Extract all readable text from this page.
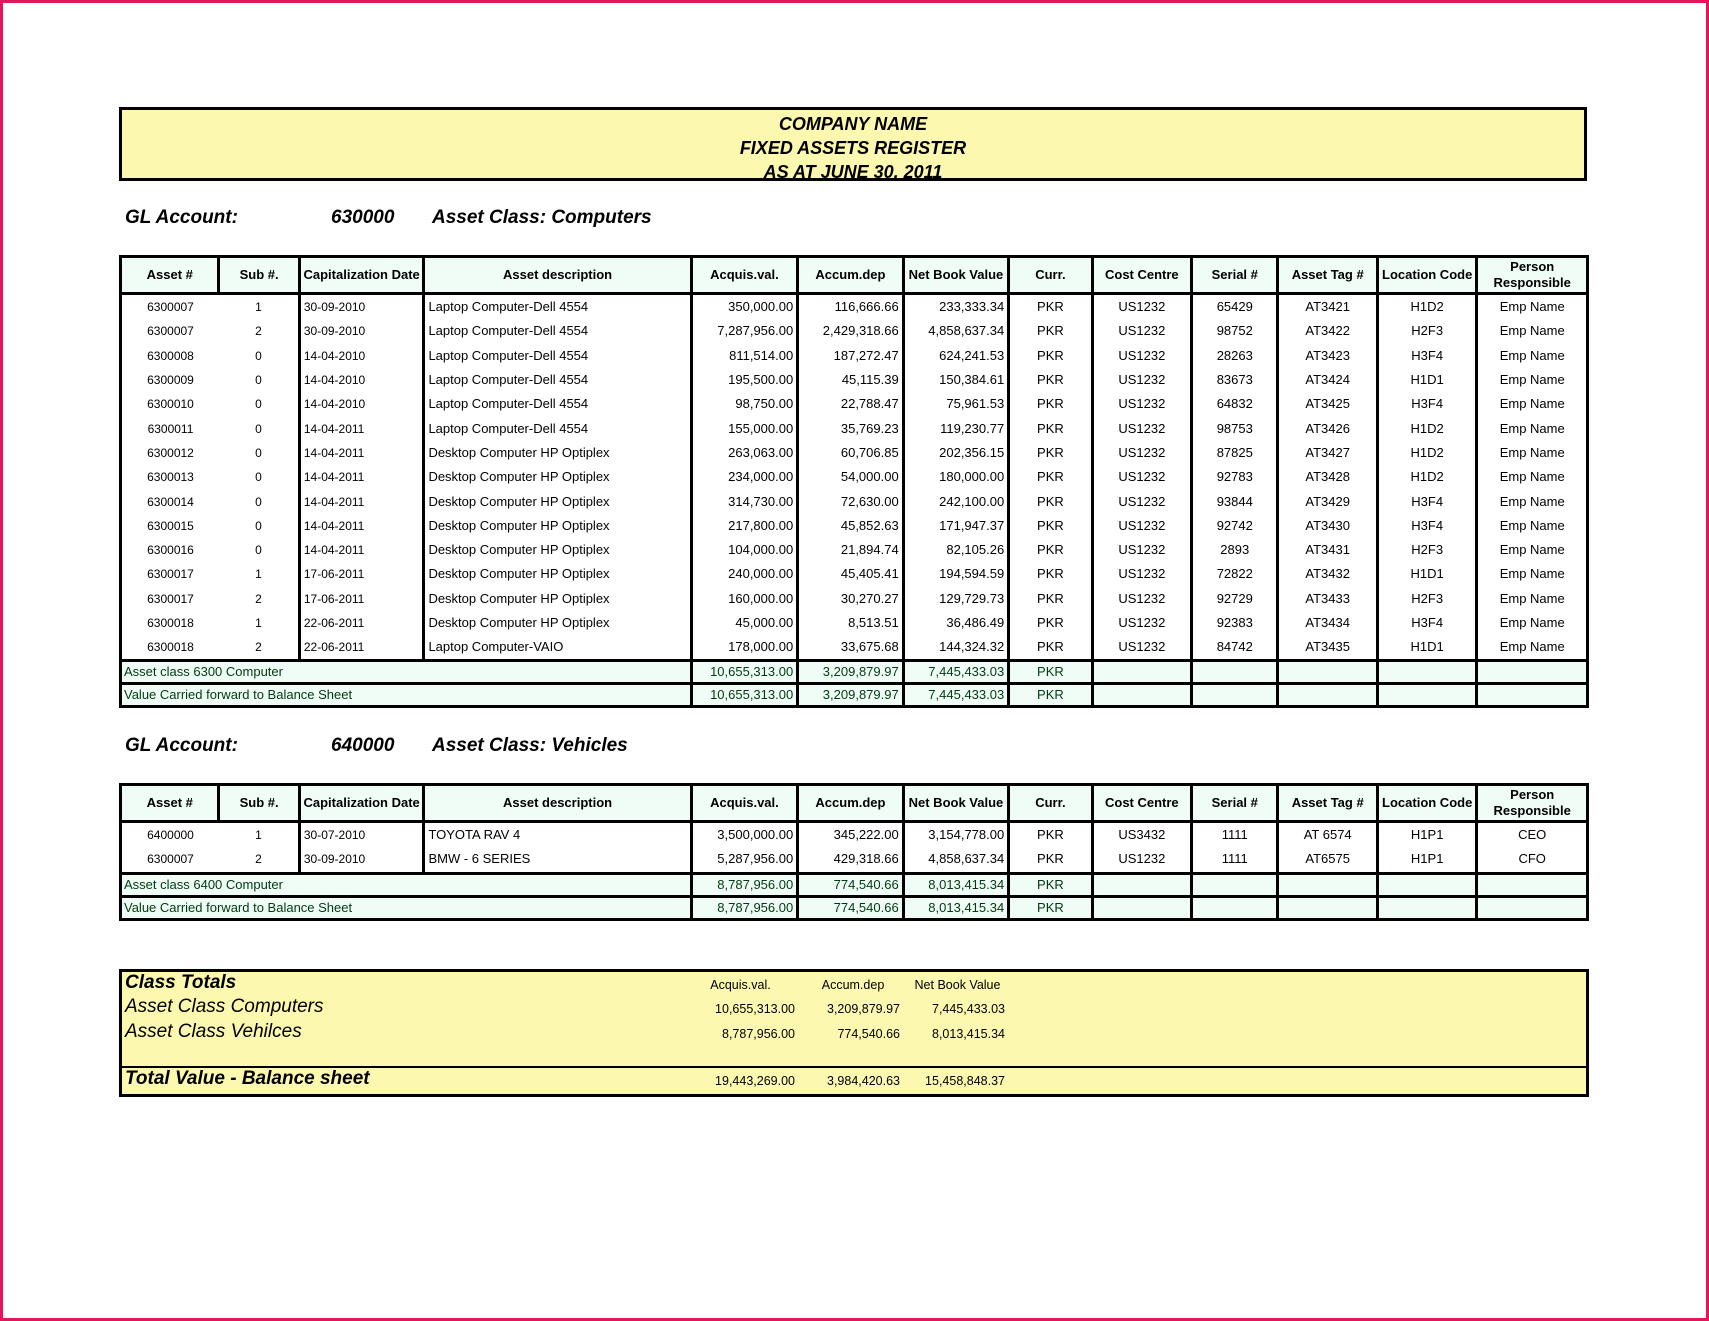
COMPANY NAME
FIXED ASSETS REGISTER
AS AT JUNE 30, 2011
GL Account:	630000 Asset Class: Computers
Asset #	Sub #.	Capitalization Date	Asset description	Acquis.val.	Accum.dep	Net Book Value	Curr.	Cost Centre	Serial #	Asset Tag #	Location Code	Person Responsible
6300007	1	30-09-2010	Laptop Computer-Dell 4554	350,000.00	116,666.66	233,333.34	PKR	US1232	65429	AT3421	H1D2	Emp Name
6300007	2	30-09-2010	Laptop Computer-Dell 4554	7,287,956.00	2,429,318.66	4,858,637.34	PKR	US1232	98752	AT3422	H2F3	Emp Name
6300008	0	14-04-2010	Laptop Computer-Dell 4554	811,514.00	187,272.47	624,241.53	PKR	US1232	28263	AT3423	H3F4	Emp Name
6300009	0	14-04-2010	Laptop Computer-Dell 4554	195,500.00	45,115.39	150,384.61	PKR	US1232	83673	AT3424	H1D1	Emp Name
6300010	0	14-04-2010	Laptop Computer-Dell 4554	98,750.00	22,788.47	75,961.53	PKR	US1232	64832	AT3425	H3F4	Emp Name
6300011	0	14-04-2011	Laptop Computer-Dell 4554	155,000.00	35,769.23	119,230.77	PKR	US1232	98753	AT3426	H1D2	Emp Name
6300012	0	14-04-2011	Desktop Computer HP Optiplex	263,063.00	60,706.85	202,356.15	PKR	US1232	87825	AT3427	H1D2	Emp Name
6300013	0	14-04-2011	Desktop Computer HP Optiplex	234,000.00	54,000.00	180,000.00	PKR	US1232	92783	AT3428	H1D2	Emp Name
6300014	0	14-04-2011	Desktop Computer HP Optiplex	314,730.00	72,630.00	242,100.00	PKR	US1232	93844	AT3429	H3F4	Emp Name
6300015	0	14-04-2011	Desktop Computer HP Optiplex	217,800.00	45,852.63	171,947.37	PKR	US1232	92742	AT3430	H3F4	Emp Name
6300016	0	14-04-2011	Desktop Computer HP Optiplex	104,000.00	21,894.74	82,105.26	PKR	US1232	2893	AT3431	H2F3	Emp Name
6300017	1	17-06-2011	Desktop Computer HP Optiplex	240,000.00	45,405.41	194,594.59	PKR	US1232	72822	AT3432	H1D1	Emp Name
6300017	2	17-06-2011	Desktop Computer HP Optiplex	160,000.00	30,270.27	129,729.73	PKR	US1232	92729	AT3433	H2F3	Emp Name
6300018	1	22-06-2011	Desktop Computer HP Optiplex	45,000.00	8,513.51	36,486.49	PKR	US1232	92383	AT3434	H3F4	Emp Name
6300018	2	22-06-2011	Laptop Computer-VAIO	178,000.00	33,675.68	144,324.32	PKR	US1232	84742	AT3435	H1D1	Emp Name
Asset class 6300 Computer				10,655,313.00	3,209,879.97	7,445,433.03	PKR					
Value Carried forward to Balance Sheet				10,655,313.00	3,209,879.97	7,445,433.03	PKR					
GL Account:	640000 Asset Class: Vehicles
Asset #	Sub #.	Capitalization Date	Asset description	Acquis.val.	Accum.dep	Net Book Value	Curr.	Cost Centre	Serial #	Asset Tag #	Location Code	Person Responsible
6400000	1	30-07-2010	TOYOTA RAV 4	3,500,000.00	345,222.00	3,154,778.00	PKR	US3432	1111	AT 6574	H1P1	CEO
6300007	2	30-09-2010	BMW - 6 SERIES	5,287,956.00	429,318.66	4,858,637.34	PKR	US1232	1111	AT6575	H1P1	CFO
Asset class 6400 Computer				8,787,956.00	774,540.66	8,013,415.34	PKR					
Value Carried forward to Balance Sheet				8,787,956.00	774,540.66	8,013,415.34	PKR					
Class Totals	Acquis.val.	Accum.dep	Net Book Value
Asset Class Computers	10,655,313.00	3,209,879.97	7,445,433.03
Asset Class Vehilces	8,787,956.00	774,540.66	8,013,415.34
Total Value - Balance sheet	19,443,269.00	3,984,420.63	15,458,848.37
